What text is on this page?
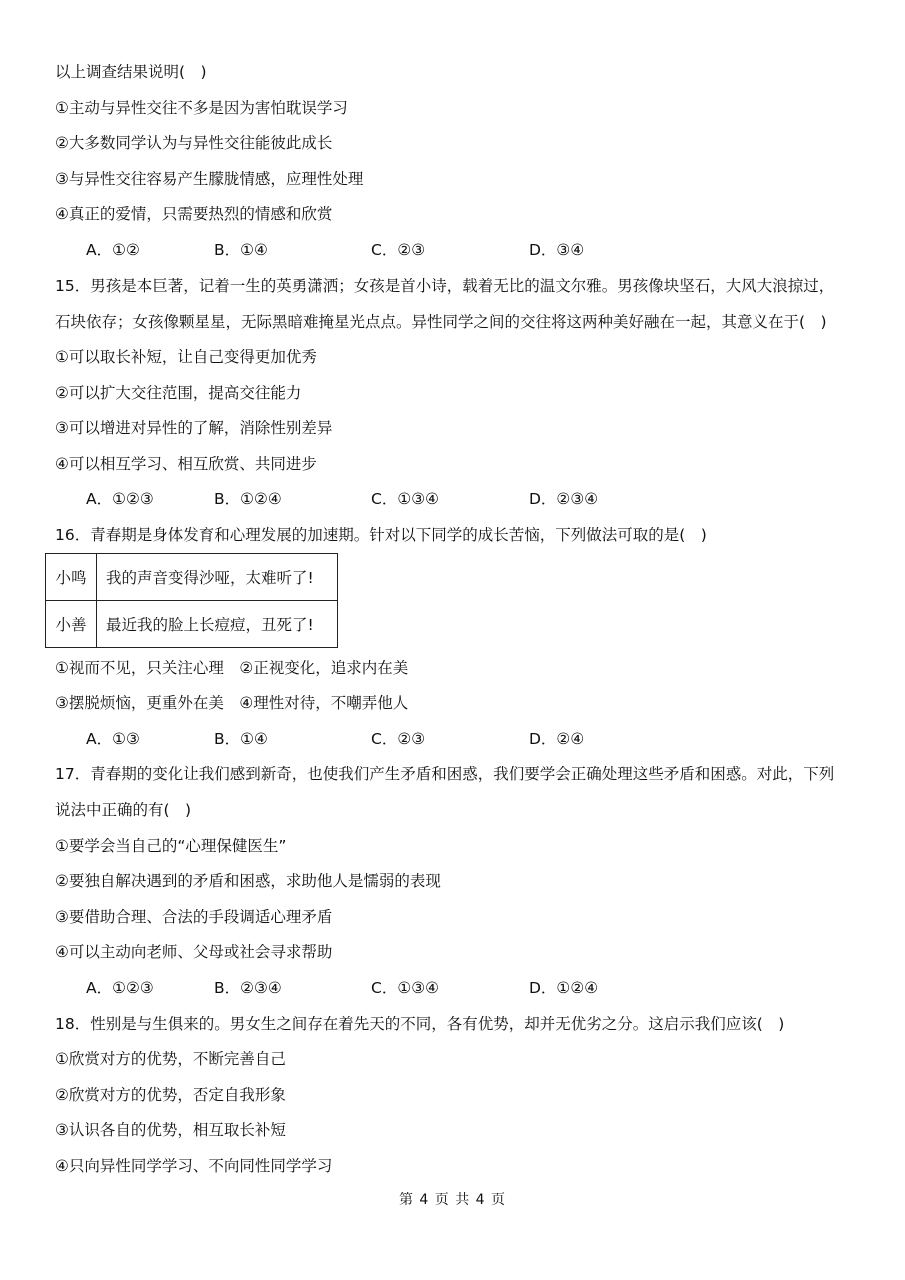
以上调查结果说明(　)
①主动与异性交往不多是因为害怕耽误学习
②大多数同学认为与异性交往能彼此成长
③与异性交往容易产生朦胧情感，应理性处理
④真正的爱情，只需要热烈的情感和欣赏
A．①②	B．①④	C．②③	D．③④
15．男孩是本巨著，记着一生的英勇潇洒；女孩是首小诗，载着无比的温文尔雅。男孩像块坚石，大风大浪掠过，
石块依存；女孩像颗星星，无际黑暗难掩星光点点。异性同学之间的交往将这两种美好融在一起，其意义在于(　)
①可以取长补短，让自己变得更加优秀
②可以扩大交往范围，提高交往能力
③可以增进对异性的了解，消除性别差异
④可以相互学习、相互欣赏、共同进步
A．①②③	B．①②④	C．①③④	D．②③④
16．青春期是身体发育和心理发展的加速期。针对以下同学的成长苦恼，下列做法可取的是(　)
小鸣	我的声音变得沙哑，太难听了!
小善	最近我的脸上长痘痘，丑死了!
①视而不见，只关注心理　②正视变化，追求内在美
③摆脱烦恼，更重外在美　④理性对待，不嘲弄他人
A．①③	B．①④	C．②③	D．②④
17．青春期的变化让我们感到新奇，也使我们产生矛盾和困惑，我们要学会正确处理这些矛盾和困惑。对此，下列
说法中正确的有(　)
①要学会当自己的“心理保健医生”
②要独自解决遇到的矛盾和困惑，求助他人是懦弱的表现
③要借助合理、合法的手段调适心理矛盾
④可以主动向老师、父母或社会寻求帮助
A．①②③	B．②③④	C．①③④	D．①②④
18．性别是与生俱来的。男女生之间存在着先天的不同，各有优势，却并无优劣之分。这启示我们应该(　)
①欣赏对方的优势，不断完善自己
②欣赏对方的优势，否定自我形象
③认识各自的优势，相互取长补短
④只向异性同学学习、不向同性同学学习
第 4 页 共 4 页
